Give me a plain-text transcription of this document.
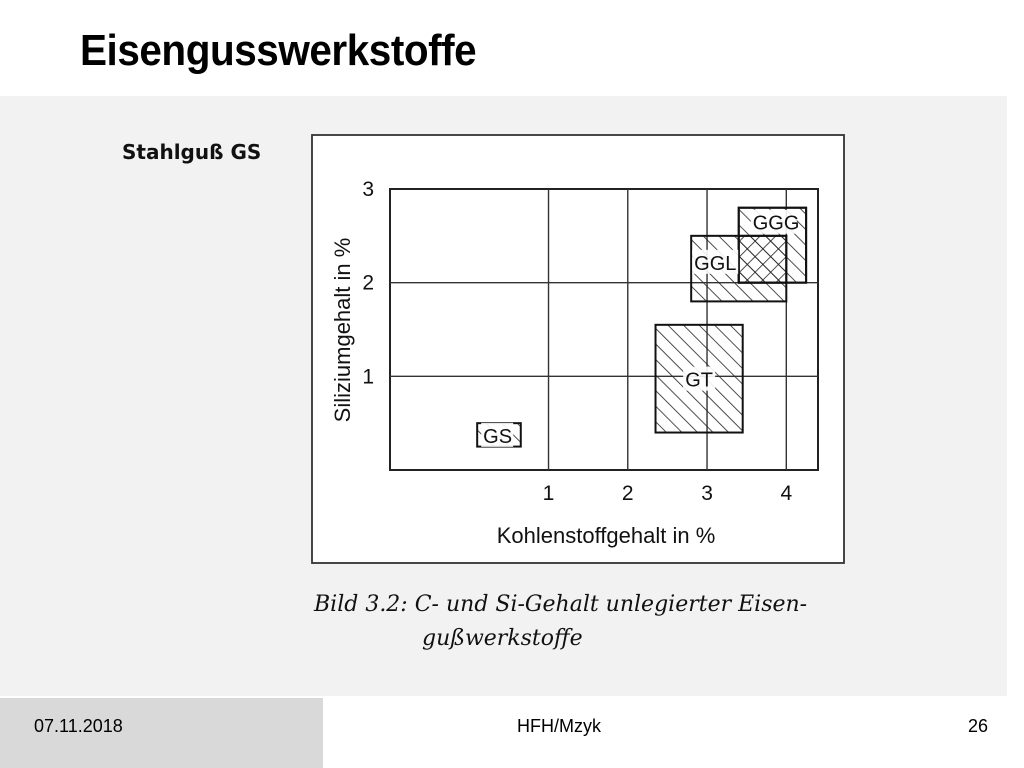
Eisengusswerkstoffe
Stahlguß GS
GS
GT
GGL
GGG
1	2	3	4
1
2
3
Kohlenstoffgehalt in %
Siliziumgehalt in %
Bild 3.2: C- und Si-Gehalt unlegierter Eisen-
gußwerkstoffe
07.11.2018	HFH/Mzyk	26
